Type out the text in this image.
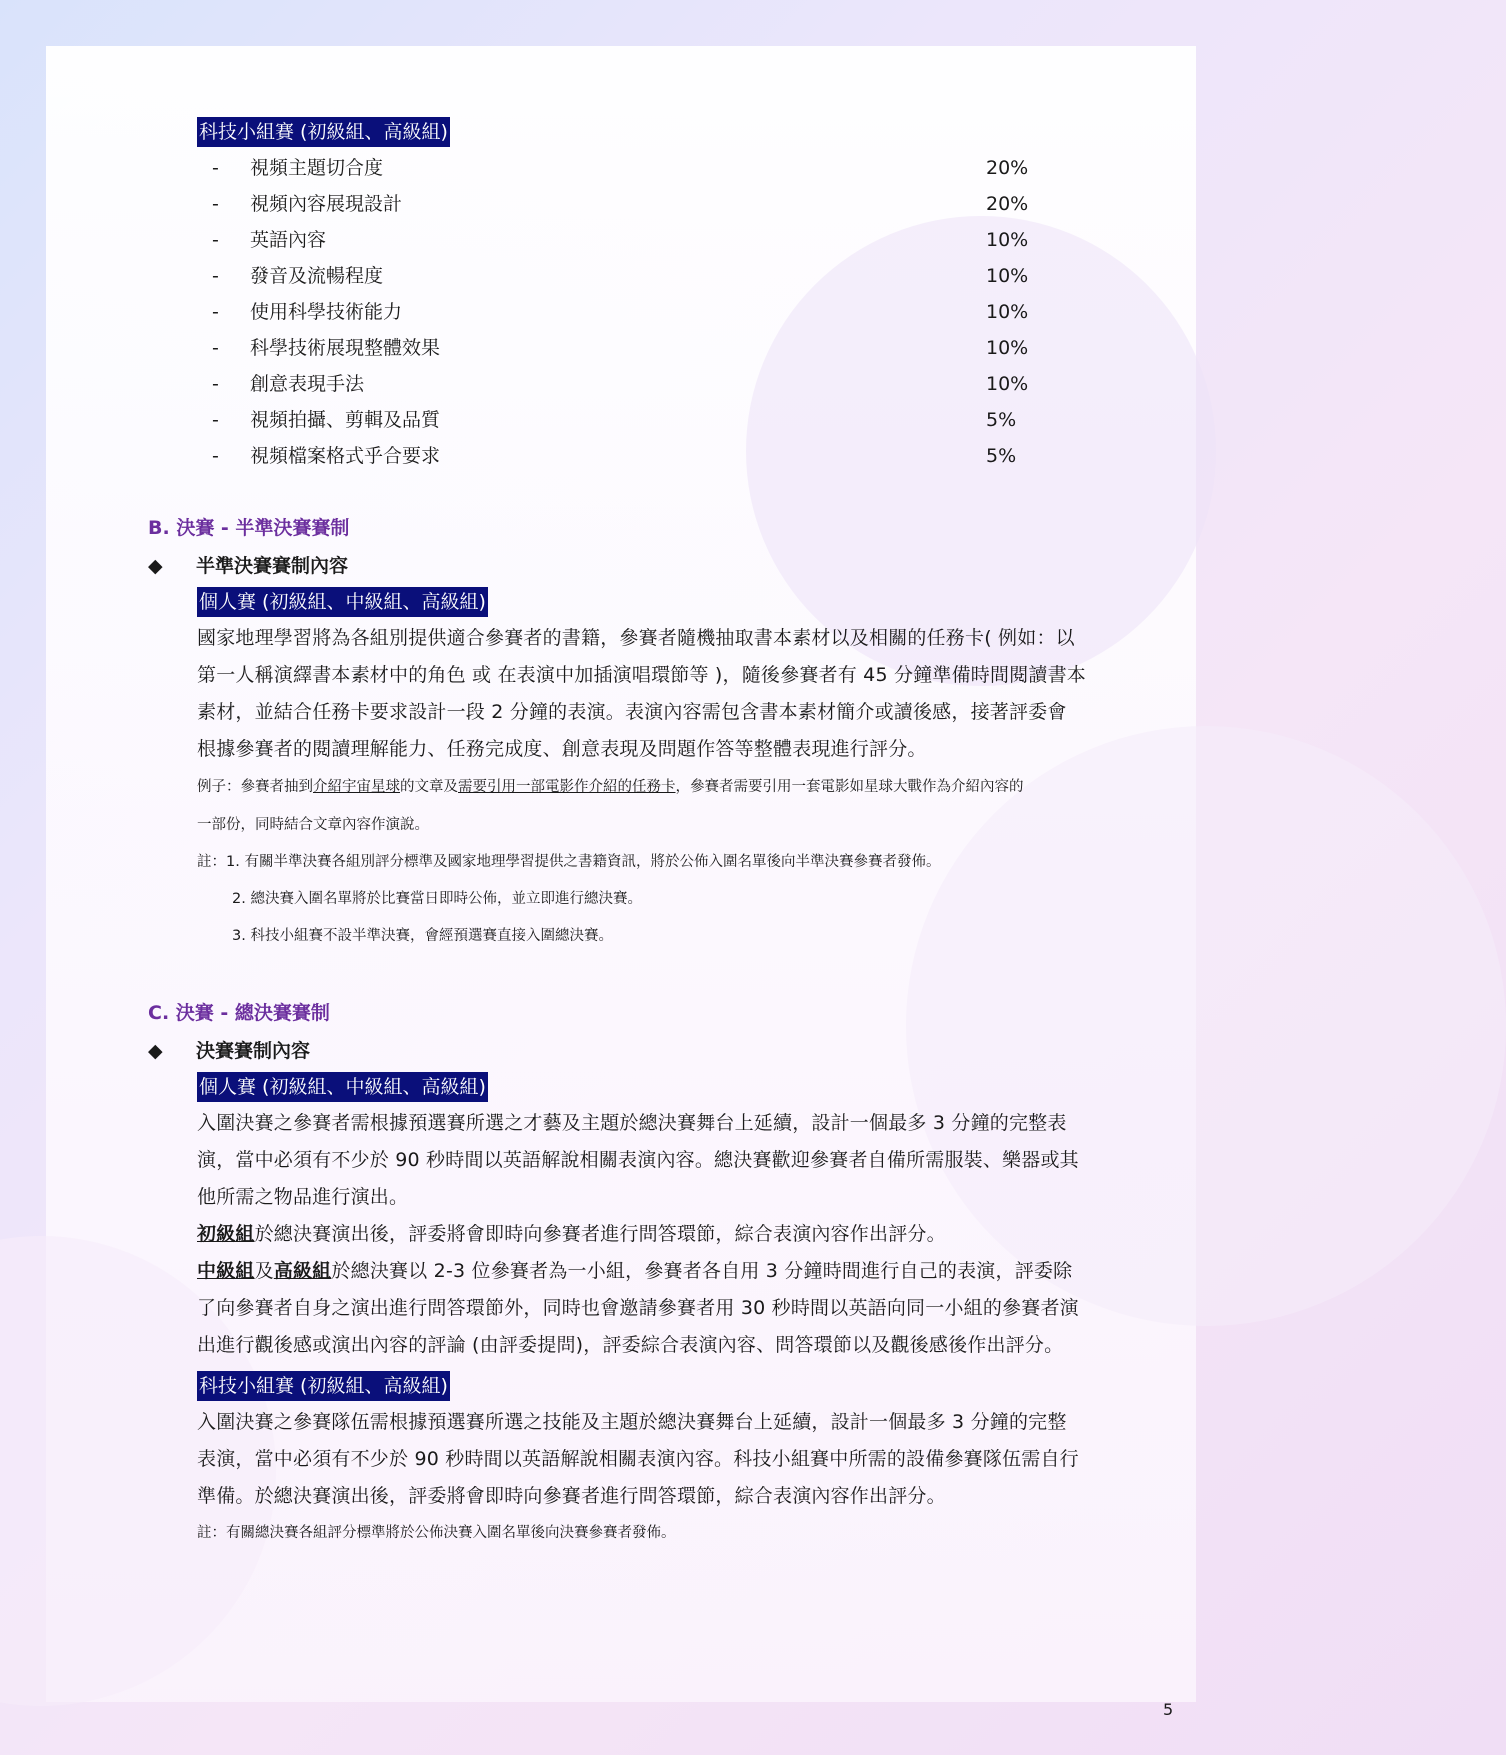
科技小組賽 (初級組、高級組)
- 視頻主題切合度	20%
- 視頻內容展現設計	20%
- 英語內容	10%
- 發音及流暢程度	10%
- 使用科學技術能力	10%
- 科學技術展現整體效果	10%
- 創意表現手法	10%
- 視頻拍攝、剪輯及品質	5%
- 視頻檔案格式乎合要求	5%
B. 決賽 - 半準決賽賽制
◆ 半準決賽賽制內容
個人賽 (初級組、中級組、高級組)
國家地理學習將為各組別提供適合參賽者的書籍，參賽者隨機抽取書本素材以及相關的任務卡( 例如：以
第一人稱演繹書本素材中的角色 或 在表演中加插演唱環節等 )，隨後參賽者有 45 分鐘準備時間閱讀書本
素材，並結合任務卡要求設計一段 2 分鐘的表演。表演內容需包含書本素材簡介或讀後感，接著評委會
根據參賽者的閱讀理解能力、任務完成度、創意表現及問題作答等整體表現進行評分。
例子：參賽者抽到介紹宇宙星球的文章及需要引用一部電影作介紹的任務卡，參賽者需要引用一套電影如星球大戰作為介紹內容的
一部份，同時結合文章內容作演說。
註：1. 有關半準決賽各組別評分標準及國家地理學習提供之書籍資訊，將於公佈入圍名單後向半準決賽參賽者發佈。
2. 總決賽入圍名單將於比賽當日即時公佈，並立即進行總決賽。
3. 科技小組賽不設半準決賽，會經預選賽直接入圍總決賽。
C. 決賽 - 總決賽賽制
◆ 決賽賽制內容
個人賽 (初級組、中級組、高級組)
入圍決賽之參賽者需根據預選賽所選之才藝及主題於總決賽舞台上延續，設計一個最多 3 分鐘的完整表
演，當中必須有不少於 90 秒時間以英語解說相關表演內容。總決賽歡迎參賽者自備所需服裝、樂器或其
他所需之物品進行演出。
初級組於總決賽演出後，評委將會即時向參賽者進行問答環節，綜合表演內容作出評分。
中級組及高級組於總決賽以 2-3 位參賽者為一小組，參賽者各自用 3 分鐘時間進行自己的表演，評委除
了向參賽者自身之演出進行問答環節外，同時也會邀請參賽者用 30 秒時間以英語向同一小組的參賽者演
出進行觀後感或演出內容的評論 (由評委提問)，評委綜合表演內容、問答環節以及觀後感後作出評分。
科技小組賽 (初級組、高級組)
入圍決賽之參賽隊伍需根據預選賽所選之技能及主題於總決賽舞台上延續，設計一個最多 3 分鐘的完整
表演，當中必須有不少於 90 秒時間以英語解說相關表演內容。科技小組賽中所需的設備參賽隊伍需自行
準備。於總決賽演出後，評委將會即時向參賽者進行問答環節，綜合表演內容作出評分。
註：有關總決賽各組評分標準將於公佈決賽入圍名單後向決賽參賽者發佈。
5
